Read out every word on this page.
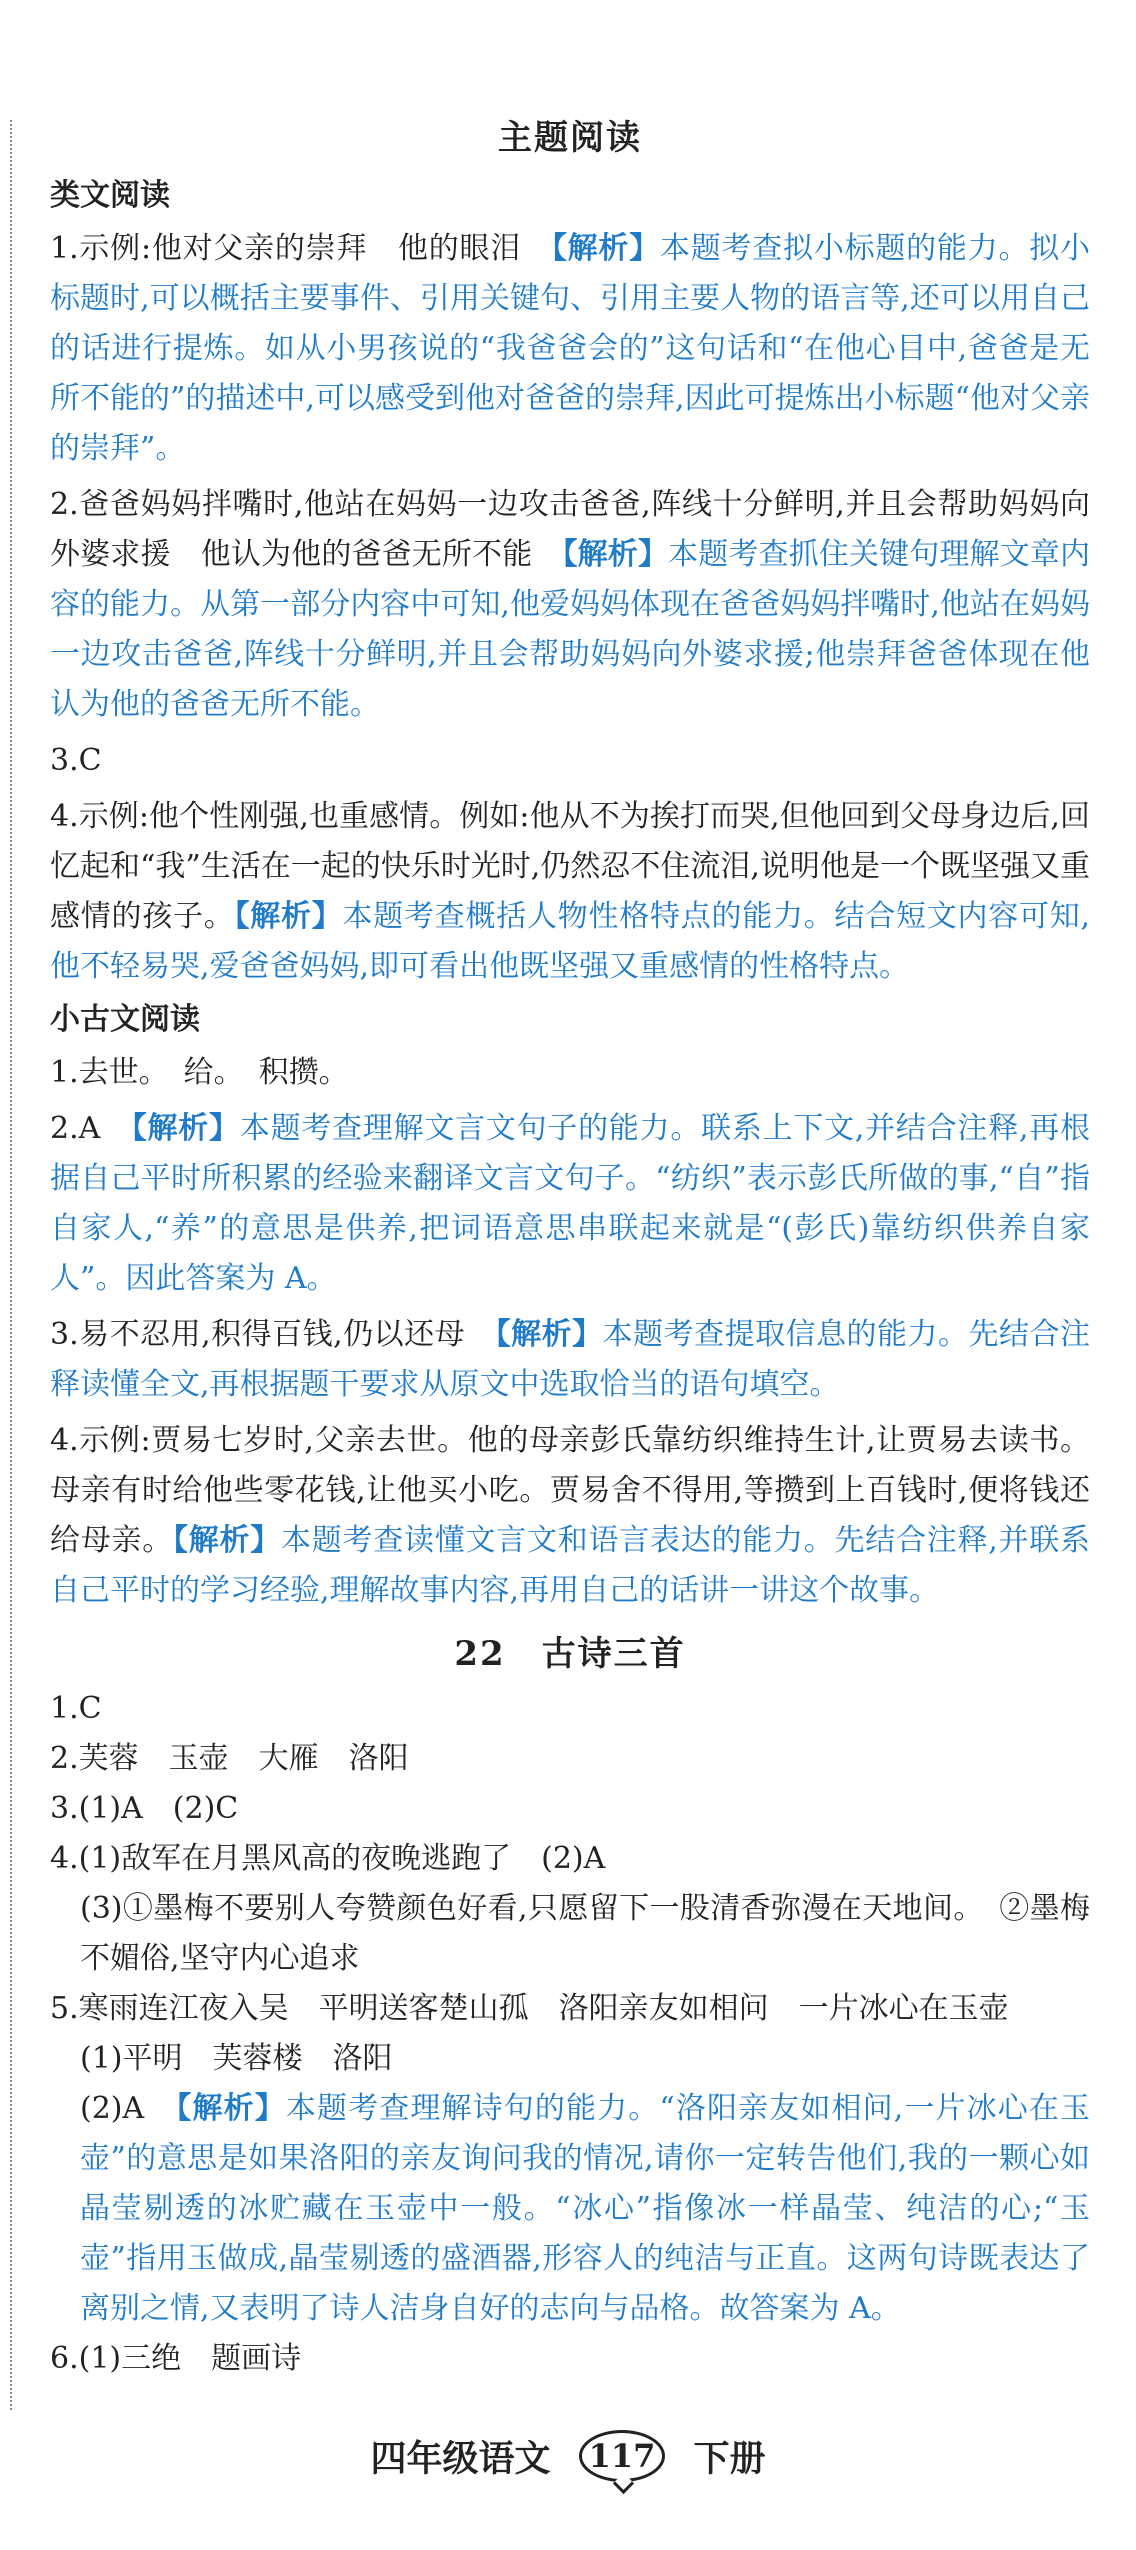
主题阅读
类文阅读
1.示例:他对父亲的崇拜　他的眼泪　【解析】本题考查拟小标题的能力。拟小标题时,可以概括主要事件、引用关键句、引用主要人物的语言等,还可以用自己的话进行提炼。如从小男孩说的“我爸爸会的”这句话和“在他心目中,爸爸是无所不能的”的描述中,可以感受到他对爸爸的崇拜,因此可提炼出小标题“他对父亲的崇拜”。
2.爸爸妈妈拌嘴时,他站在妈妈一边攻击爸爸,阵线十分鲜明,并且会帮助妈妈向外婆求援　他认为他的爸爸无所不能　【解析】本题考查抓住关键句理解文章内容的能力。从第一部分内容中可知,他爱妈妈体现在爸爸妈妈拌嘴时,他站在妈妈一边攻击爸爸,阵线十分鲜明,并且会帮助妈妈向外婆求援;他崇拜爸爸体现在他认为他的爸爸无所不能。
3.C
4.示例:他个性刚强,也重感情。例如:他从不为挨打而哭,但他回到父母身边后,回忆起和“我”生活在一起的快乐时光时,仍然忍不住流泪,说明他是一个既坚强又重感情的孩子。【解析】本题考查概括人物性格特点的能力。结合短文内容可知,他不轻易哭,爱爸爸妈妈,即可看出他既坚强又重感情的性格特点。
小古文阅读
1.去世。　给。　积攒。
2.A　【解析】本题考查理解文言文句子的能力。联系上下文,并结合注释,再根据自己平时所积累的经验来翻译文言文句子。“纺织”表示彭氏所做的事,“自”指自家人,“养”的意思是供养,把词语意思串联起来就是“(彭氏)靠纺织供养自家人”。因此答案为 A。
3.易不忍用,积得百钱,仍以还母　【解析】本题考查提取信息的能力。先结合注释读懂全文,再根据题干要求从原文中选取恰当的语句填空。
4.示例:贾易七岁时,父亲去世。他的母亲彭氏靠纺织维持生计,让贾易去读书。母亲有时给他些零花钱,让他买小吃。贾易舍不得用,等攒到上百钱时,便将钱还给母亲。【解析】本题考查读懂文言文和语言表达的能力。先结合注释,并联系自己平时的学习经验,理解故事内容,再用自己的话讲一讲这个故事。
22　古诗三首
1.C
2.芙蓉　玉壶　大雁　洛阳
3.(1)A　(2)C
4.(1)敌军在月黑风高的夜晚逃跑了　(2)A
(3)①墨梅不要别人夸赞颜色好看,只愿留下一股清香弥漫在天地间。　②墨梅　不媚俗,坚守内心追求
5.寒雨连江夜入吴　平明送客楚山孤　洛阳亲友如相问　一片冰心在玉壶
(1)平明　芙蓉楼　洛阳
(2)A　【解析】本题考查理解诗句的能力。“洛阳亲友如相问,一片冰心在玉壶”的意思是如果洛阳的亲友询问我的情况,请你一定转告他们,我的一颗心如晶莹剔透的冰贮藏在玉壶中一般。“冰心”指像冰一样晶莹、纯洁的心;“玉壶”指用玉做成,晶莹剔透的盛酒器,形容人的纯洁与正直。这两句诗既表达了离别之情,又表明了诗人洁身自好的志向与品格。故答案为 A。
6.(1)三绝　题画诗
四年级语文 117 下册
